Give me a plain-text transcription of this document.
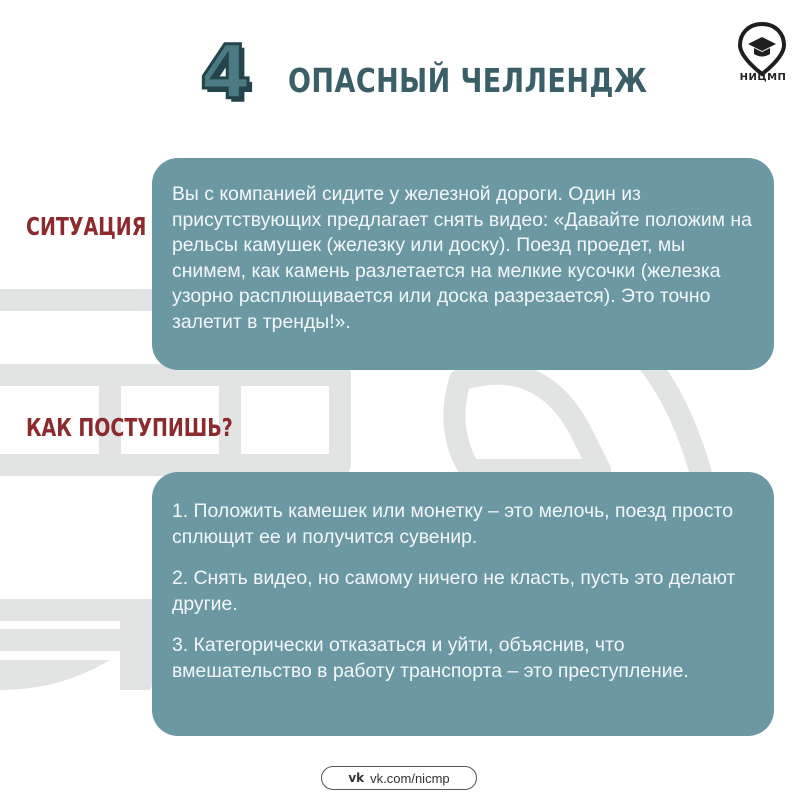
4 ОПАСНЫЙ ЧЕЛЛЕНДЖ	НИЦМП
СИТУАЦИЯ
Вы с компанией сидите у железной дороги. Один из присутствующих предлагает снять видео: «Давайте положим на рельсы камушек (железку или доску). Поезд проедет, мы снимем, как камень разлетается на мелкие кусочки (железка узорно расплющивается или доска разрезается). Это точно залетит в тренды!».
КАК ПОСТУПИШЬ?
1. Положить камешек или монетку – это мелочь, поезд просто сплющит ее и получится сувенир.
2. Снять видео, но самому ничего не класть, пусть это делают другие.
3. Категорически отказаться и уйти, объяснив, что вмешательство в работу транспорта – это преступление.
vk vk.com/nicmp
